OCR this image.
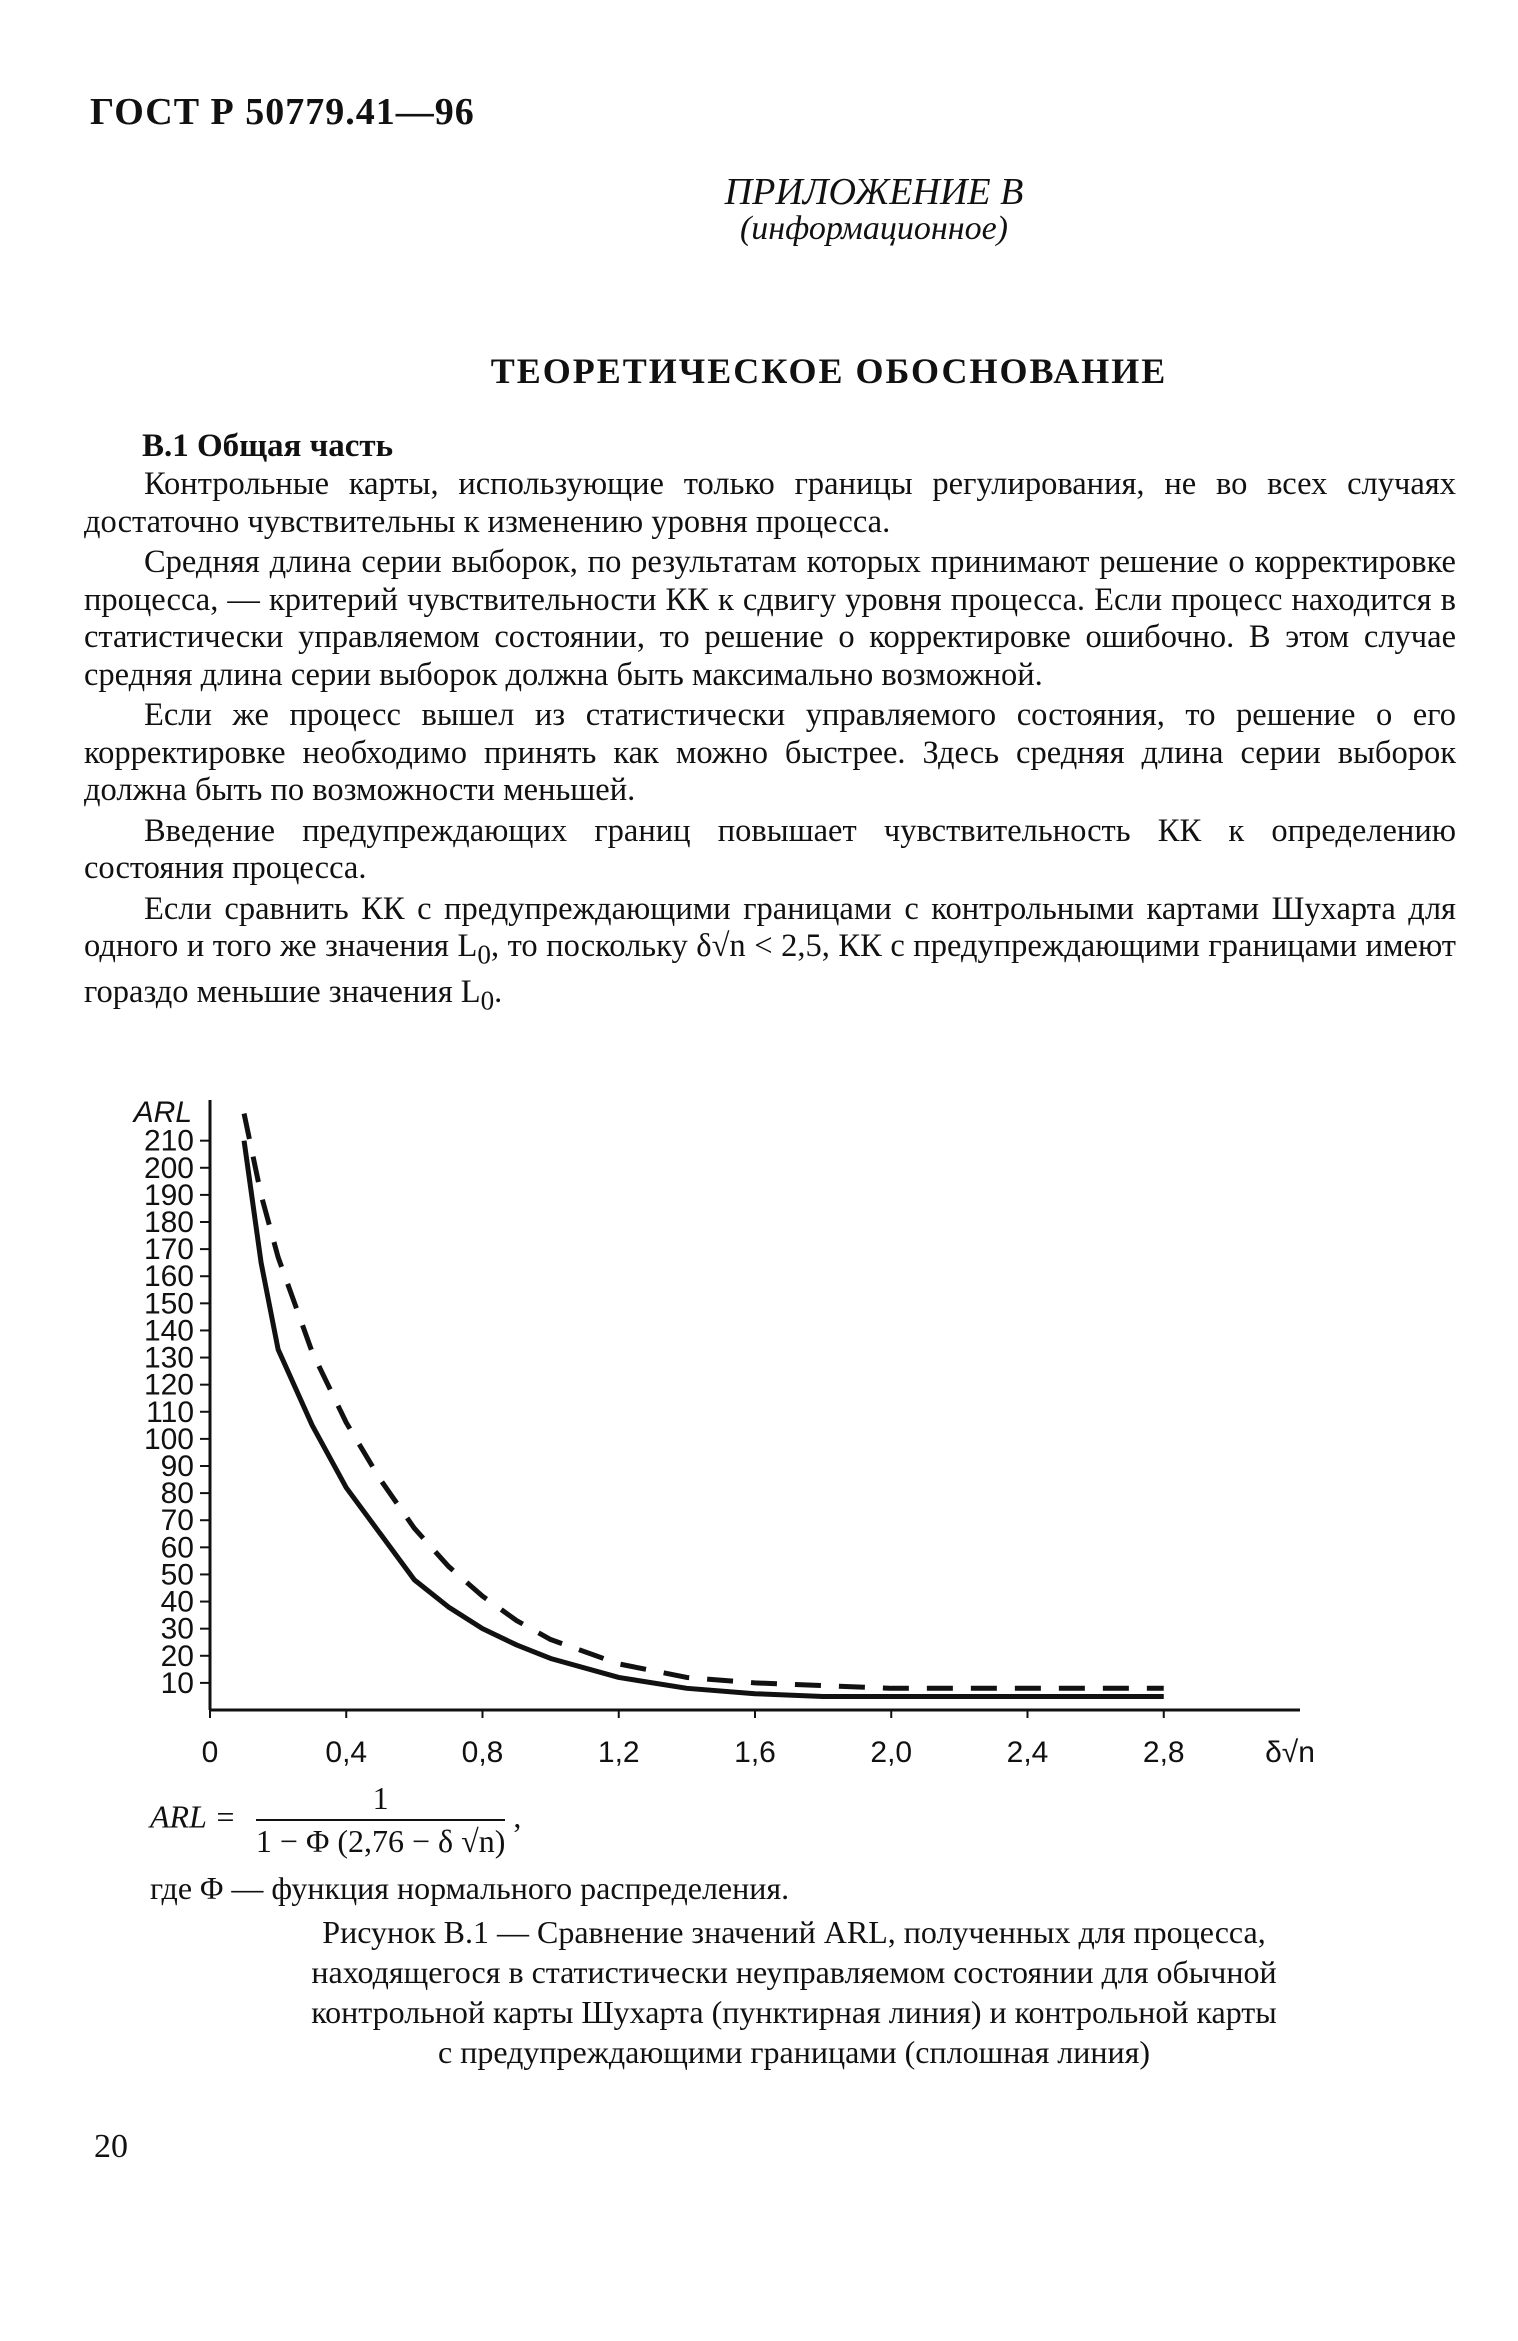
ГОСТ Р 50779.41—96
ПРИЛОЖЕНИЕ В
(информационное)
ТЕОРЕТИЧЕСКОЕ ОБОСНОВАНИЕ
В.1 Общая часть

Контрольные карты, использующие только границы регулирования, не во всех случаях достаточно чувствительны к изменению уровня процесса.

Средняя длина серии выборок, по результатам которых принимают решение о корректировке процесса, — критерий чувствительности КК к сдвигу уровня процесса. Если процесс находится в статистически управляемом состоянии, то решение о корректировке ошибочно. В этом случае средняя длина серии выборок должна быть максимально возможной.

Если же процесс вышел из статистически управляемого состояния, то решение о его корректировке необходимо принять как можно быстрее. Здесь средняя длина серии выборок должна быть по возможности меньшей.

Введение предупреждающих границ повышает чувствительность КК к определению состояния процесса.

Если сравнить КК с предупреждающими границами с контрольными картами Шухарта для одного и того же значения $L_0$, то поскольку δ√n < 2,5, КК с предупреждающими границами имеют гораздо меньшие значения $L_0$.

ARL
10
20
30
40
50
60
70
80
90
100
110
120
130
140
150
160
170
180
190
200
210
0	0,4	0,8	1,2	1,6	2,0	2,4	2,8	δ√n
ARL = $\frac{1}{1 - \Phi (2,76 - \delta √n)}$ ,
где Φ — функция нормального распределения.
Рисунок В.1 — Сравнение значений ARL, полученных для процесса,
находящегося в статистически неуправляемом состоянии для обычной
контрольной карты Шухарта (пунктирная линия) и контрольной карты
с предупреждающими границами (сплошная линия)
20
